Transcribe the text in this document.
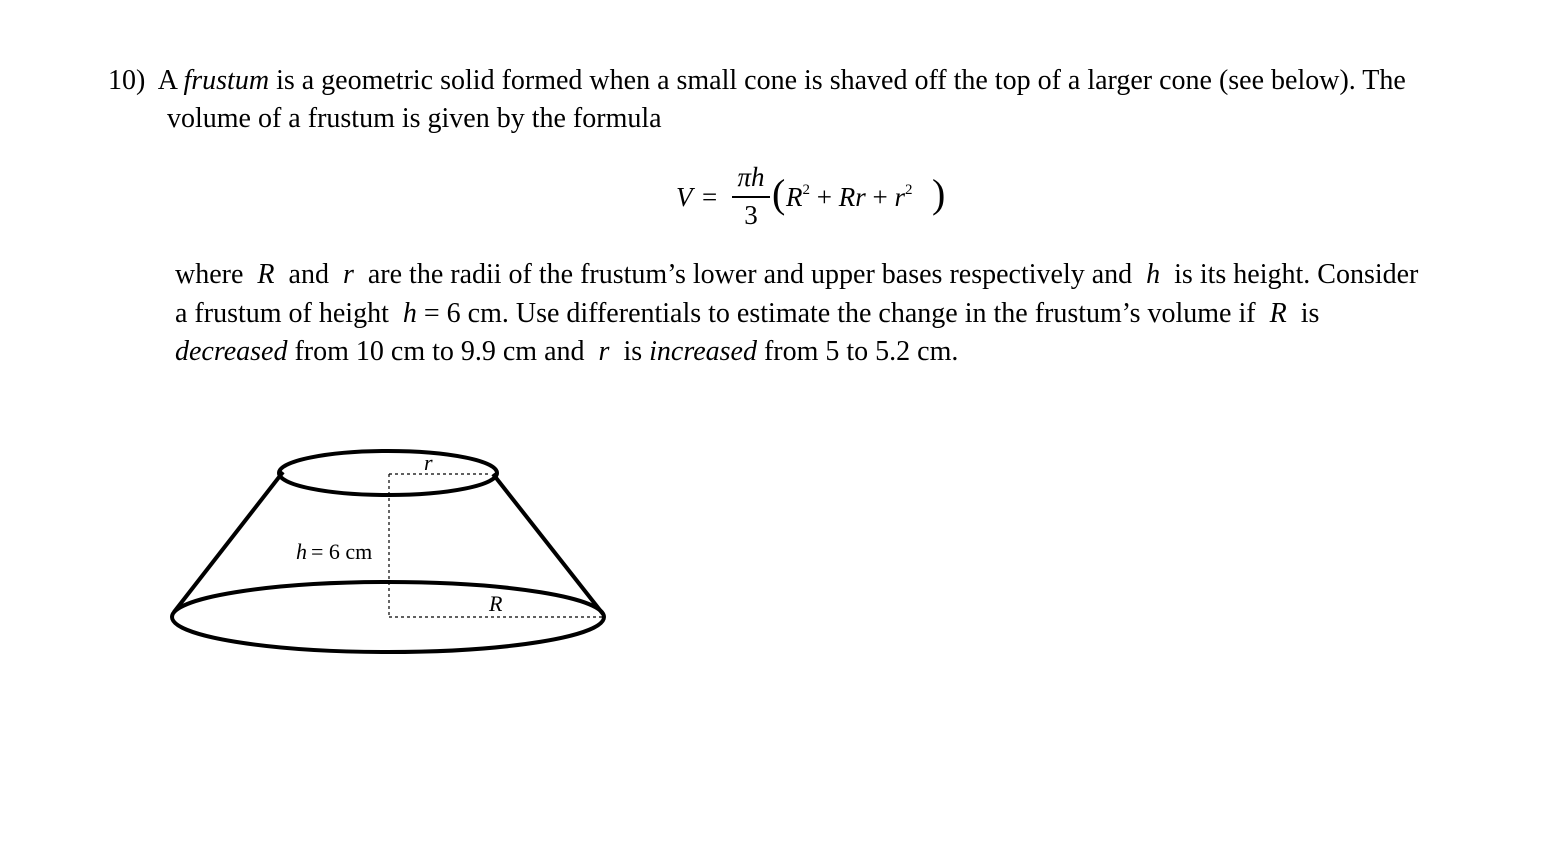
10) A frustum is a geometric solid formed when a small cone is shaved off the top of a larger cone (see below). The
volume of a frustum is given by the formula
V =
πh
3 ( $R^2 + Rr + r^2$ )
where R and r are the radii of the frustum’s lower and upper bases respectively and h is its height. Consider
a frustum of height h = 6 cm. Use differentials to estimate the change in the frustum’s volume if R is
decreased from 10 cm to 9.9 cm and r is increased from 5 to 5.2 cm.
r
h = 6 cm
R
